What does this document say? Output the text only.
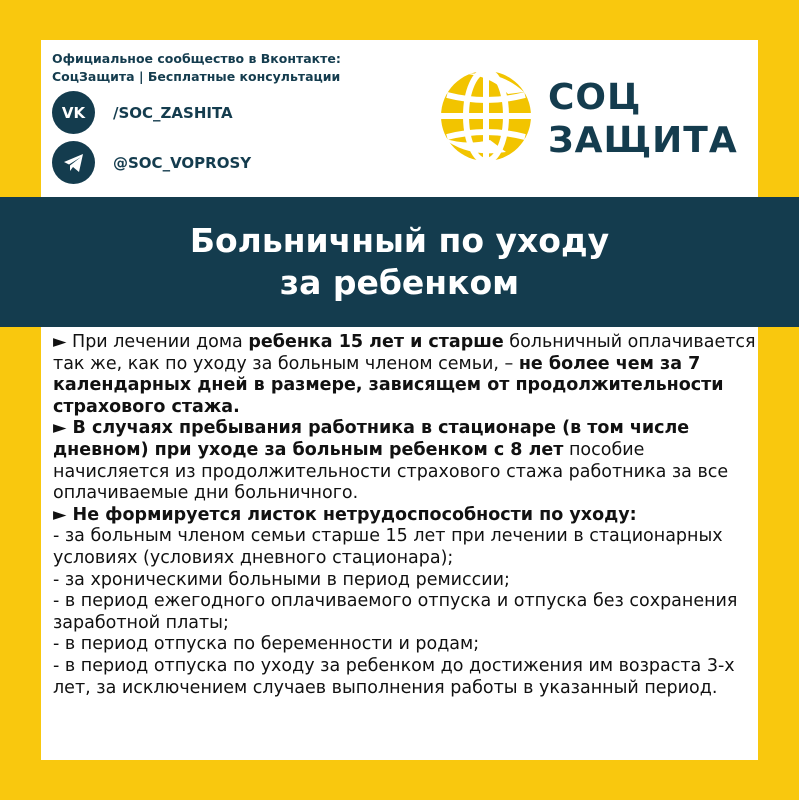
Официальное сообщество в Вконтакте:
СоцЗащита | Бесплатные консультации
VK /SOC_ZASHITA
@SOC_VOPROSY
СОЦ
ЗАЩИТА
Больничный по уходу
за ребенком

► При лечении дома ребенка 15 лет и старше больничный оплачивается так же, как по уходу за больным членом семьи, – не более чем за 7 календарных дней в размере, зависящем от продолжительности страхового стажа.

► В случаях пребывания работника в стационаре (в том числе дневном) при уходе за больным ребенком с 8 лет пособие начисляется из продолжительности страхового стажа работника за все оплачиваемые дни больничного.

► Не формируется листок нетрудоспособности по уходу:

- за больным членом семьи старше 15 лет при лечении в стационарных условиях (условиях дневного стационара);

- за хроническими больными в период ремиссии;

- в период ежегодного оплачиваемого отпуска и отпуска без сохранения заработной платы;

- в период отпуска по беременности и родам;

- в период отпуска по уходу за ребенком до достижения им возраста 3-х лет, за исключением случаев выполнения работы в указанный период.
